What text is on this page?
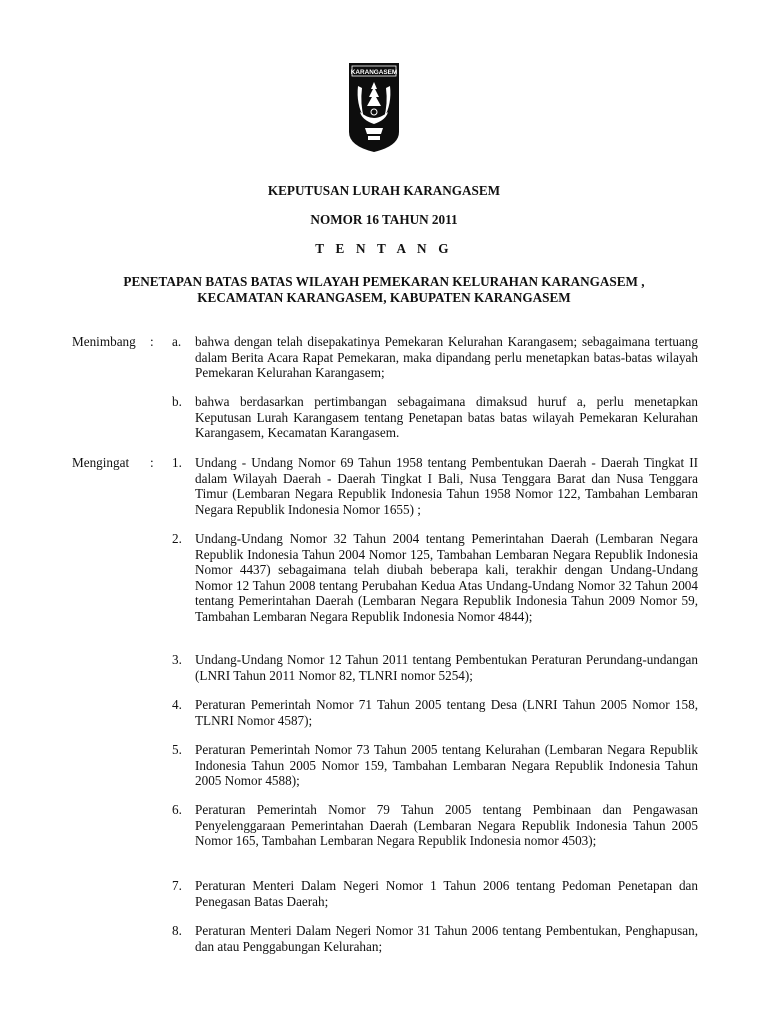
KARANGASEM
KEPUTUSAN LURAH KARANGASEM
NOMOR 16 TAHUN 2011
T E N T A N G
PENETAPAN BATAS BATAS WILAYAH PEMEKARAN KELURAHAN KARANGASEM ,
KECAMATAN KARANGASEM, KABUPATEN KARANGASEM
Menimbang : a. bahwa dengan telah disepakatinya Pemekaran Kelurahan Karangasem; sebagaimana tertuang dalam Berita Acara Rapat Pemekaran, maka dipandang perlu menetapkan batas-batas wilayah Pemekaran Kelurahan Karangasem;
b. bahwa berdasarkan pertimbangan sebagaimana dimaksud huruf a, perlu menetapkan Keputusan Lurah Karangasem tentang Penetapan batas batas wilayah Pemekaran Kelurahan Karangasem, Kecamatan Karangasem.
Mengingat : 1. Undang - Undang Nomor 69 Tahun 1958 tentang Pembentukan Daerah - Daerah Tingkat II dalam Wilayah Daerah - Daerah Tingkat I Bali, Nusa Tenggara Barat dan Nusa Tenggara Timur (Lembaran Negara Republik Indonesia Tahun 1958 Nomor 122, Tambahan Lembaran Negara Republik Indonesia Nomor 1655) ;
2. Undang-Undang Nomor 32 Tahun 2004 tentang Pemerintahan Daerah (Lembaran Negara Republik Indonesia Tahun 2004 Nomor 125, Tambahan Lembaran Negara Republik Indonesia Nomor 4437) sebagaimana telah diubah beberapa kali, terakhir dengan Undang-Undang Nomor 12 Tahun 2008 tentang Perubahan Kedua Atas Undang-Undang Nomor 32 Tahun 2004 tentang Pemerintahan Daerah (Lembaran Negara Republik Indonesia Tahun 2009 Nomor 59, Tambahan Lembaran Negara Republik Indonesia Nomor 4844);
3. Undang-Undang Nomor 12 Tahun 2011 tentang Pembentukan Peraturan Perundang-undangan (LNRI Tahun 2011 Nomor 82, TLNRI nomor 5254);
4. Peraturan Pemerintah Nomor 71 Tahun 2005 tentang Desa (LNRI Tahun 2005 Nomor 158, TLNRI Nomor 4587);
5. Peraturan Pemerintah Nomor 73 Tahun 2005 tentang Kelurahan (Lembaran Negara Republik Indonesia Tahun 2005 Nomor 159, Tambahan Lembaran Negara Republik Indonesia Tahun 2005 Nomor 4588);
6. Peraturan Pemerintah Nomor 79 Tahun 2005 tentang Pembinaan dan Pengawasan Penyelenggaraan Pemerintahan Daerah (Lembaran Negara Republik Indonesia Tahun 2005 Nomor 165, Tambahan Lembaran Negara Republik Indonesia nomor 4503);
7. Peraturan Menteri Dalam Negeri Nomor 1 Tahun 2006 tentang Pedoman Penetapan dan Penegasan Batas Daerah;
8. Peraturan Menteri Dalam Negeri Nomor 31 Tahun 2006 tentang Pembentukan, Penghapusan, dan atau Penggabungan Kelurahan;
